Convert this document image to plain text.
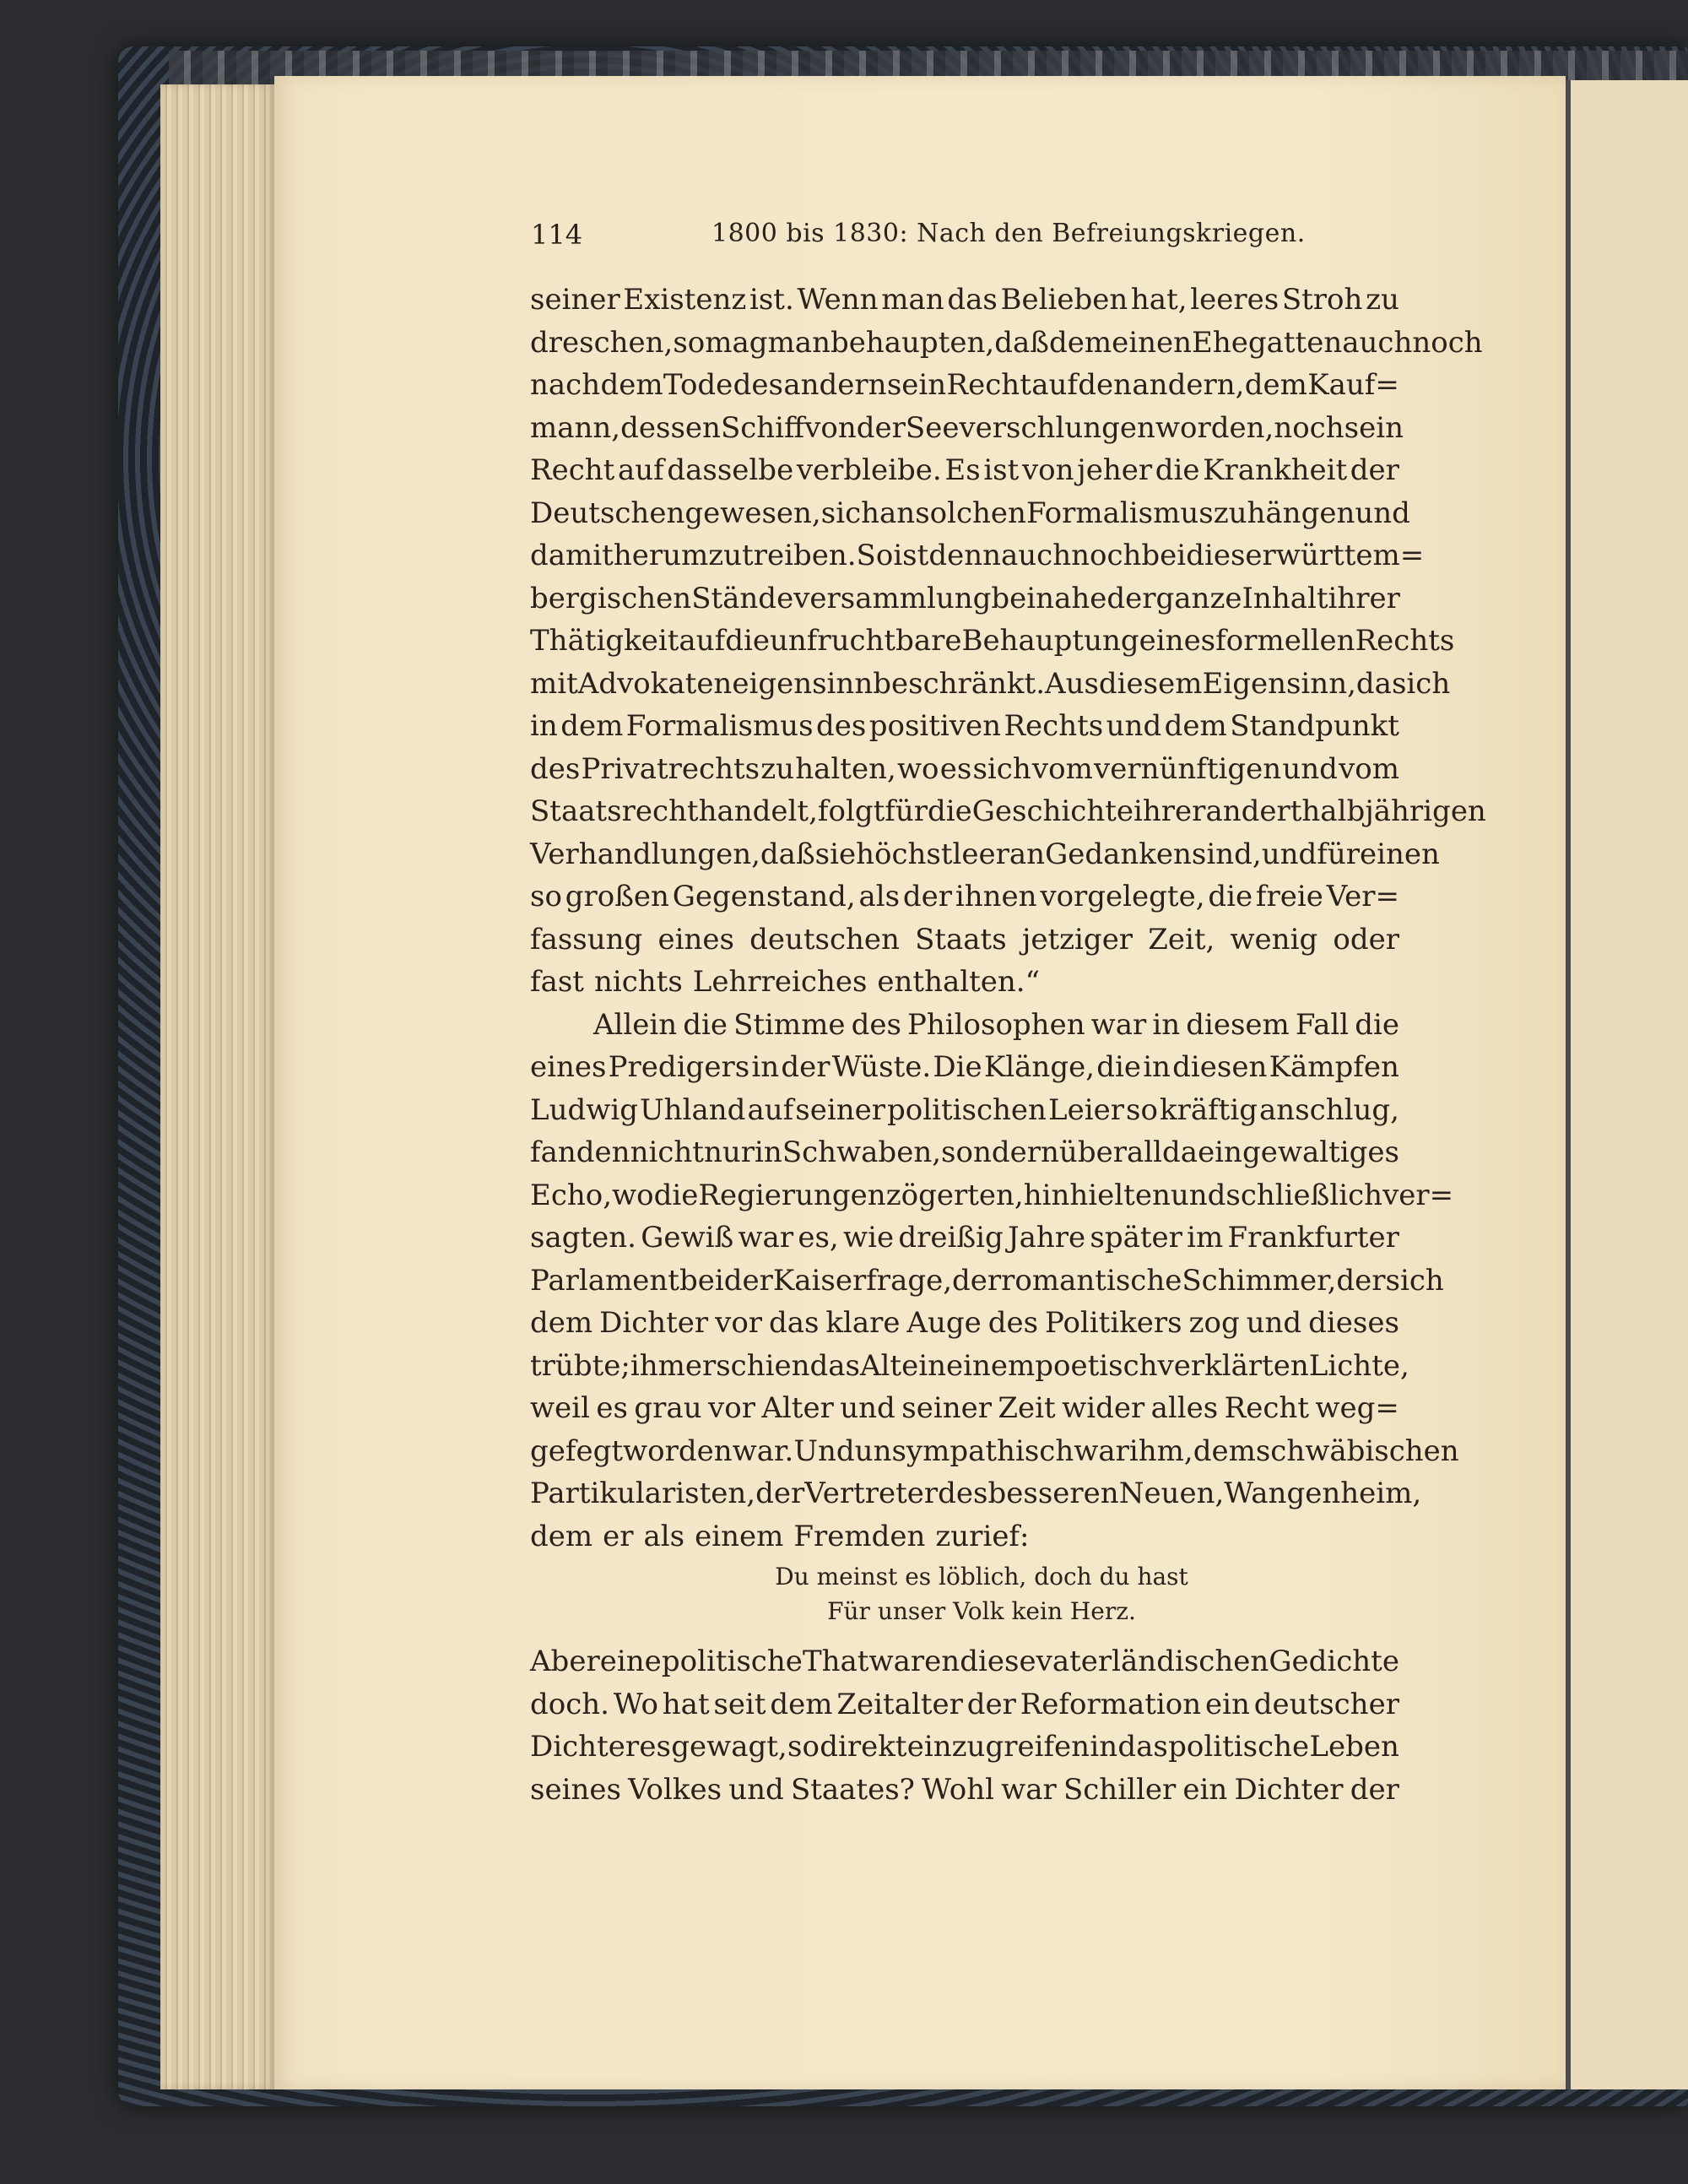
114	1800 bis 1830: Nach den Befreiungskriegen.
seiner Existenz ist. Wenn man das Belieben hat, leeres Stroh zu
dreschen, so mag man behaupten, daß dem einen Ehegatten auch noch
nach dem Tode des andern sein Recht auf den andern, dem Kauf=
mann, dessen Schiff von der See verschlungen worden, noch sein
Recht auf dasselbe verbleibe. Es ist von jeher die Krankheit der
Deutschen gewesen, sich an solchen Formalismus zu hängen und
damit herumzutreiben. So ist denn auch noch bei dieser württem=
bergischen Ständeversammlung beinahe der ganze Inhalt ihrer
Thätigkeit auf die unfruchtbare Behauptung eines formellen Rechts
mit Advokateneigensinn beschränkt. Aus diesem Eigensinn, da sich
in dem Formalismus des positiven Rechts und dem Standpunkt
des Privatrechts zu halten, wo es sich vom vernünftigen und vom
Staatsrecht handelt, folgt für die Geschichte ihrer anderthalbjährigen
Verhandlungen, daß sie höchst leer an Gedanken sind, und für einen
so großen Gegenstand, als der ihnen vorgelegte, die freie Ver=
fassung eines deutschen Staats jetziger Zeit, wenig oder
fast nichts Lehrreiches enthalten.“
Allein die Stimme des Philosophen war in diesem Fall die
eines Predigers in der Wüste. Die Klänge, die in diesen Kämpfen
Ludwig Uhland auf seiner politischen Leier so kräftig anschlug,
fanden nicht nur in Schwaben, sondern überall da ein gewaltiges
Echo, wo die Regierungen zögerten, hinhielten und schließlich ver=
sagten. Gewiß war es, wie dreißig Jahre später im Frankfurter
Parlament bei der Kaiserfrage, der romantische Schimmer, der sich
dem Dichter vor das klare Auge des Politikers zog und dieses
trübte; ihm erschien das Alte in einem poetisch verklärten Lichte,
weil es grau vor Alter und seiner Zeit wider alles Recht weg=
gefegt worden war. Und unsympathisch war ihm, dem schwäbischen
Partikularisten, der Vertreter des besseren Neuen, Wangenheim,
dem er als einem Fremden zurief:
Du meinst es löblich, doch du hast
Für unser Volk kein Herz.
Aber eine politische That waren diese vaterländischen Gedichte
doch. Wo hat seit dem Zeitalter der Reformation ein deutscher
Dichter es gewagt, so direkt einzugreifen in das politische Leben
seines Volkes und Staates? Wohl war Schiller ein Dichter der
